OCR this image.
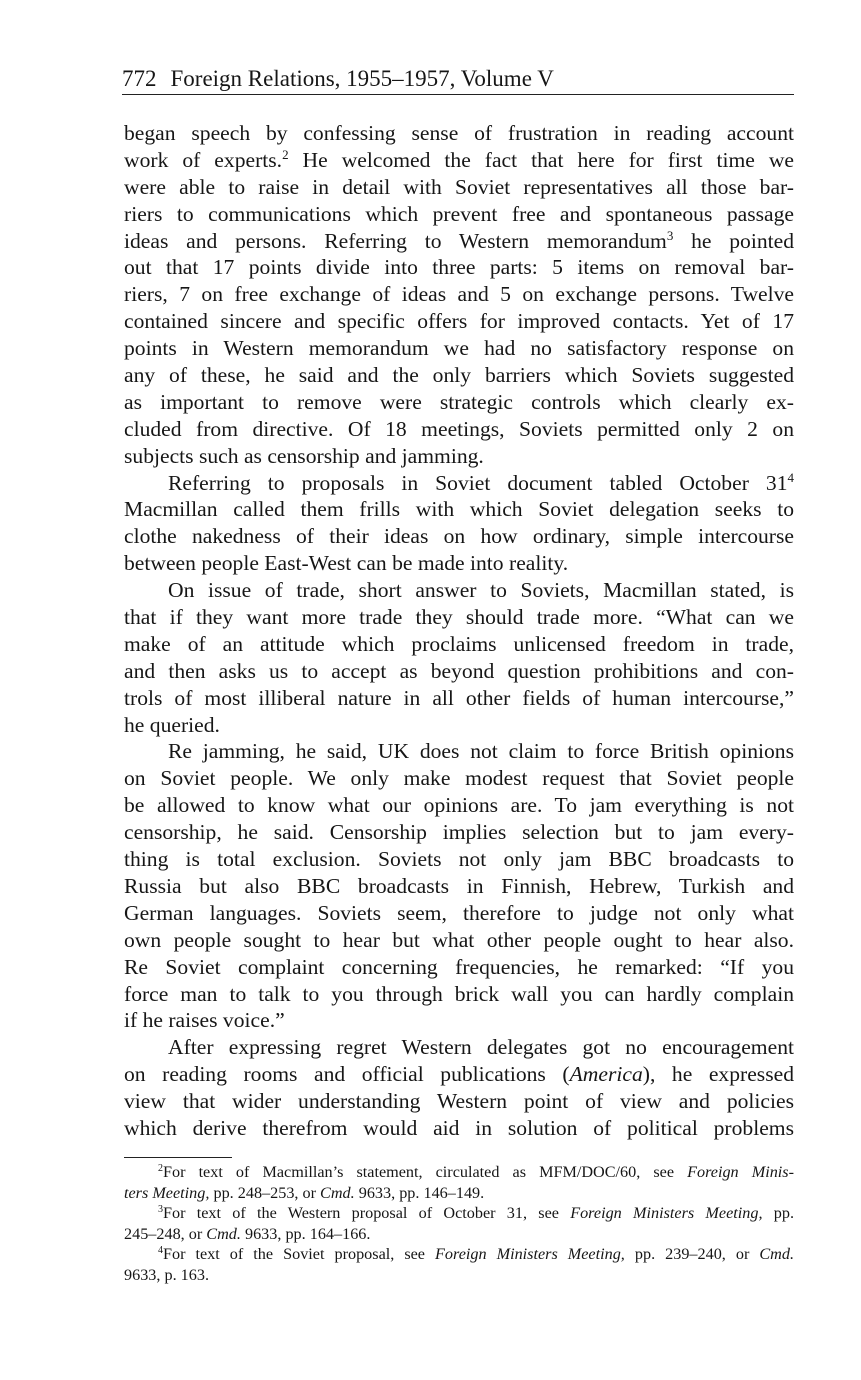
772 Foreign Relations, 1955–1957, Volume V
began speech by confessing sense of frustration in reading account
work of experts.$^2$ He welcomed the fact that here for first time we
were able to raise in detail with Soviet representatives all those bar-
riers to communications which prevent free and spontaneous passage
ideas and persons. Referring to Western memorandum$^3$ he pointed
out that 17 points divide into three parts: 5 items on removal bar-
riers, 7 on free exchange of ideas and 5 on exchange persons. Twelve
contained sincere and specific offers for improved contacts. Yet of 17
points in Western memorandum we had no satisfactory response on
any of these, he said and the only barriers which Soviets suggested
as important to remove were strategic controls which clearly ex-
cluded from directive. Of 18 meetings, Soviets permitted only 2 on
subjects such as censorship and jamming.
Referring to proposals in Soviet document tabled October $31^4$
Macmillan called them frills with which Soviet delegation seeks to
clothe nakedness of their ideas on how ordinary, simple intercourse
between people East-West can be made into reality.
On issue of trade, short answer to Soviets, Macmillan stated, is
that if they want more trade they should trade more. “What can we
make of an attitude which proclaims unlicensed freedom in trade,
and then asks us to accept as beyond question prohibitions and con-
trols of most illiberal nature in all other fields of human intercourse,”
he queried.
Re jamming, he said, UK does not claim to force British opinions
on Soviet people. We only make modest request that Soviet people
be allowed to know what our opinions are. To jam everything is not
censorship, he said. Censorship implies selection but to jam every-
thing is total exclusion. Soviets not only jam BBC broadcasts to
Russia but also BBC broadcasts in Finnish, Hebrew, Turkish and
German languages. Soviets seem, therefore to judge not only what
own people sought to hear but what other people ought to hear also.
Re Soviet complaint concerning frequencies, he remarked: “If you
force man to talk to you through brick wall you can hardly complain
if he raises voice.”
After expressing regret Western delegates got no encouragement
on reading rooms and official publications (America), he expressed
view that wider understanding Western point of view and policies
which derive therefrom would aid in solution of political problems
$^2$For text of Macmillan’s statement, circulated as MFM/DOC/60, see Foreign Minis-
ters Meeting, pp. 248–253, or Cmd. 9633, pp. 146–149.
$^3$For text of the Western proposal of October 31, see Foreign Ministers Meeting, pp.
245–248, or Cmd. 9633, pp. 164–166.
$^4$For text of the Soviet proposal, see Foreign Ministers Meeting, pp. 239–240, or Cmd.
9633, p. 163.
